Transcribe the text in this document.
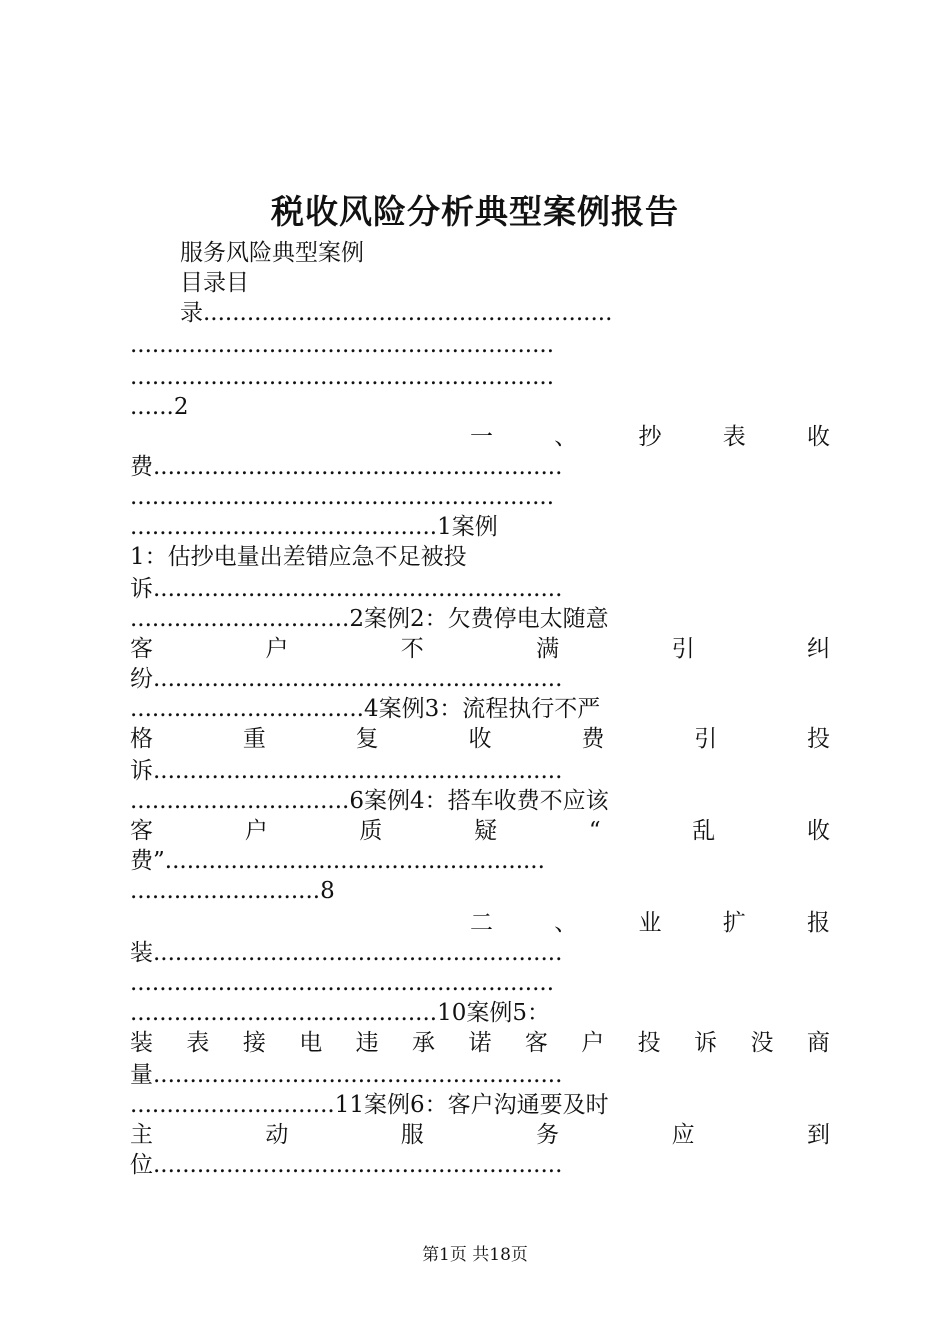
税收风险分析典型案例报告
服务风险典型案例
目录目
录........................................................
..........................................................
..........................................................
......2
一	、	抄	表	收
费........................................................
..........................................................
..........................................1案例
1：估抄电量出差错应急不足被投
诉........................................................
..............................2案例2：欠费停电太随意
客	户	不	满	引	纠
纷........................................................
................................4案例3：流程执行不严
格	重	复	收	费	引	投
诉........................................................
..............................6案例4：搭车收费不应该
客	户	质	疑	“	乱	收
费”....................................................
..........................8
二	、	业	扩	报
装........................................................
..........................................................
..........................................10案例5：
装 表 接 电 违 承 诺 客 户 投 诉 没 商
量........................................................
............................11案例6：客户沟通要及时
主	动	服	务	应	到
位........................................................
第1页 共18页
